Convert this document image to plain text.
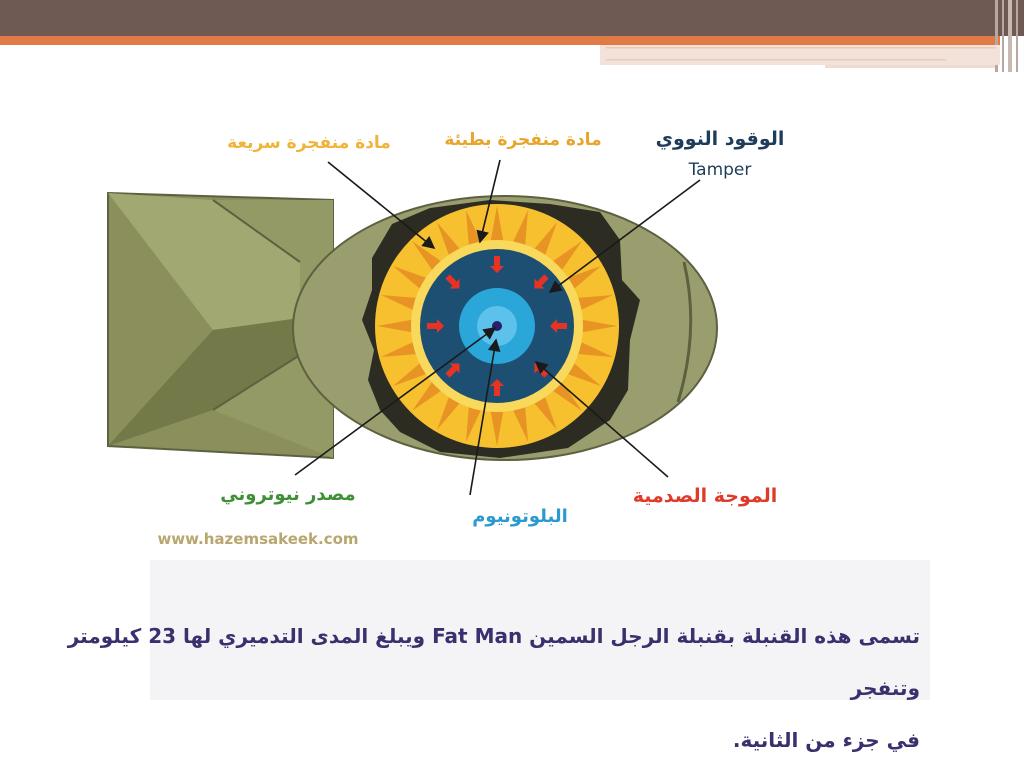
مادة منفجرة سريعة	مادة منفجرة بطيئة	الوقود النووي
Tamper
مصدر نيوتروني
البلوتونيوم
الموجة الصدمية
www.hazemsakeek.com
تسمى هذه القنبلة بقنبلة الرجل السمين Fat Man ويبلغ المدى التدميري لها 23 كيلومتر وتنفجر
في جزء من الثانية.
